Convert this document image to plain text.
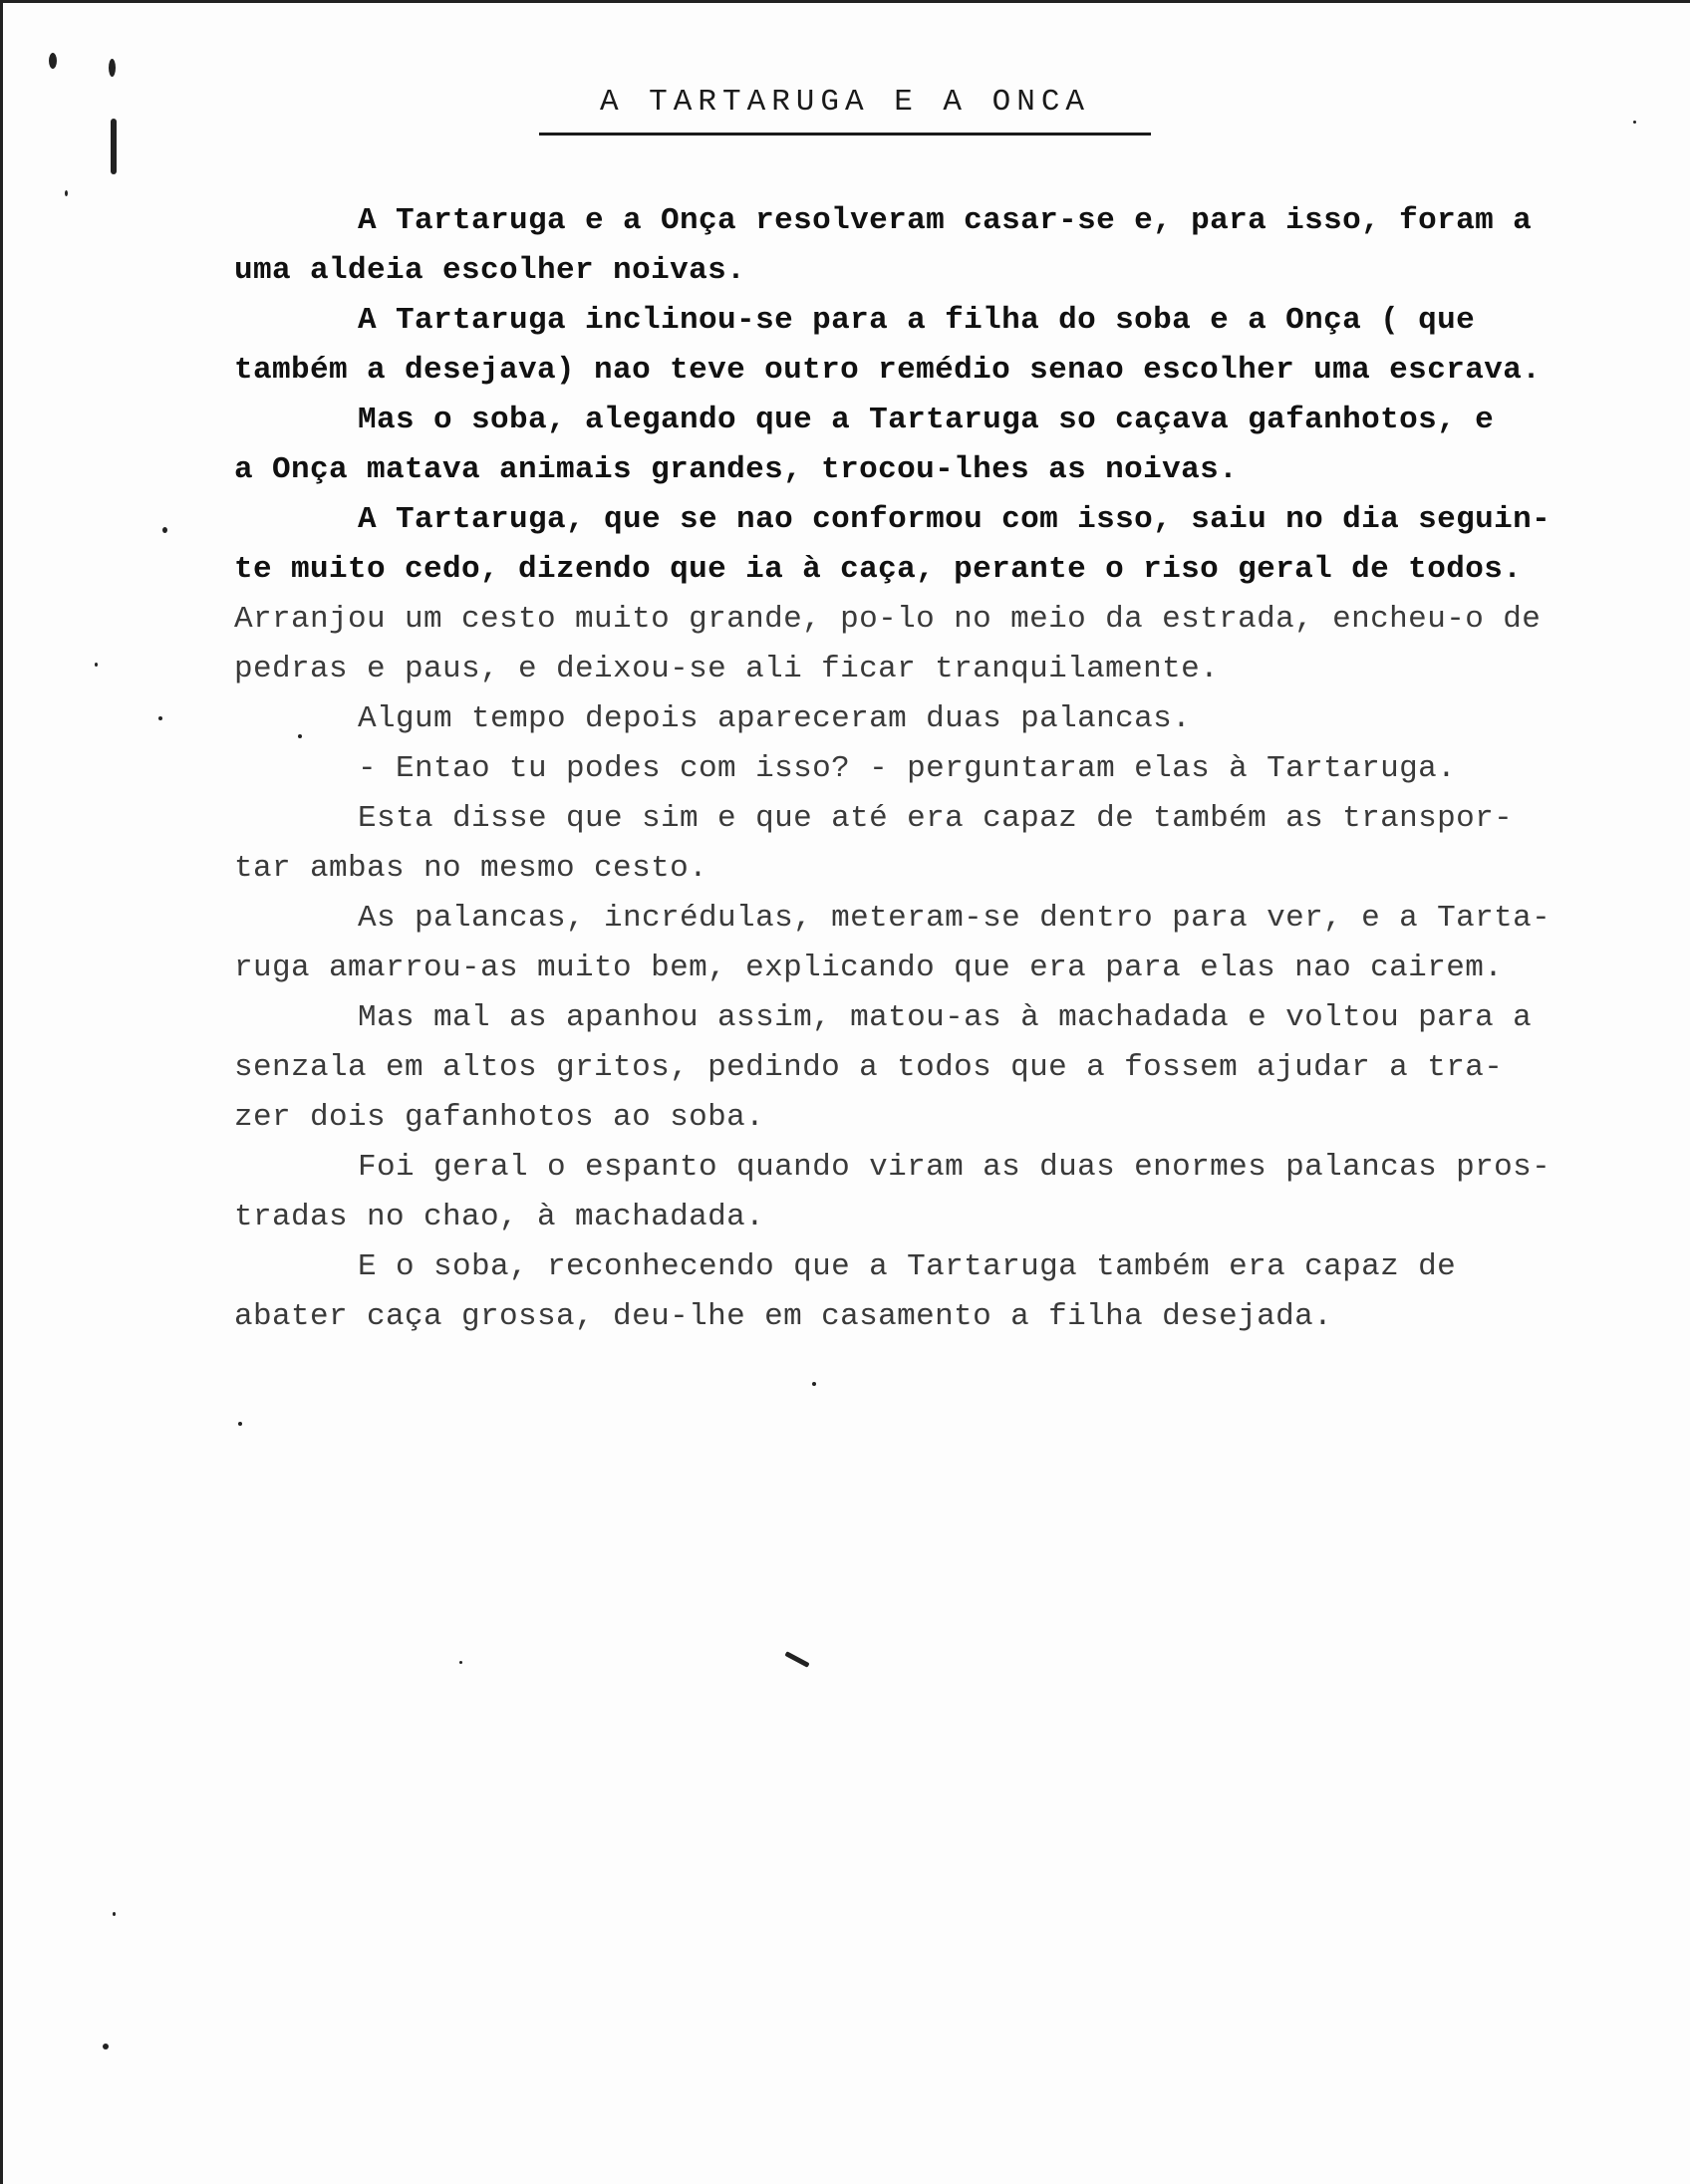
A TARTARUGA E A ONCA
A Tartaruga e a Onça resolveram casar-se e, para isso, foram a
uma aldeia escolher noivas.
A Tartaruga inclinou-se para a filha do soba e a Onça ( que
também a desejava) nao teve outro remédio senao escolher uma escrava.
Mas o soba, alegando que a Tartaruga so caçava gafanhotos, e
a Onça matava animais grandes, trocou-lhes as noivas.
A Tartaruga, que se nao conformou com isso, saiu no dia seguin-
te muito cedo, dizendo que ia à caça, perante o riso geral de todos.
Arranjou um cesto muito grande, po-lo no meio da estrada, encheu-o de
pedras e paus, e deixou-se ali ficar tranquilamente.
Algum tempo depois apareceram duas palancas.
- Entao tu podes com isso? - perguntaram elas à Tartaruga.
Esta disse que sim e que até era capaz de também as transpor-
tar ambas no mesmo cesto.
As palancas, incrédulas, meteram-se dentro para ver, e a Tarta-
ruga amarrou-as muito bem, explicando que era para elas nao cairem.
Mas mal as apanhou assim, matou-as à machadada e voltou para a
senzala em altos gritos, pedindo a todos que a fossem ajudar a tra-
zer dois gafanhotos ao soba.
Foi geral o espanto quando viram as duas enormes palancas pros-
tradas no chao, à machadada.
E o soba, reconhecendo que a Tartaruga também era capaz de
abater caça grossa, deu-lhe em casamento a filha desejada.
